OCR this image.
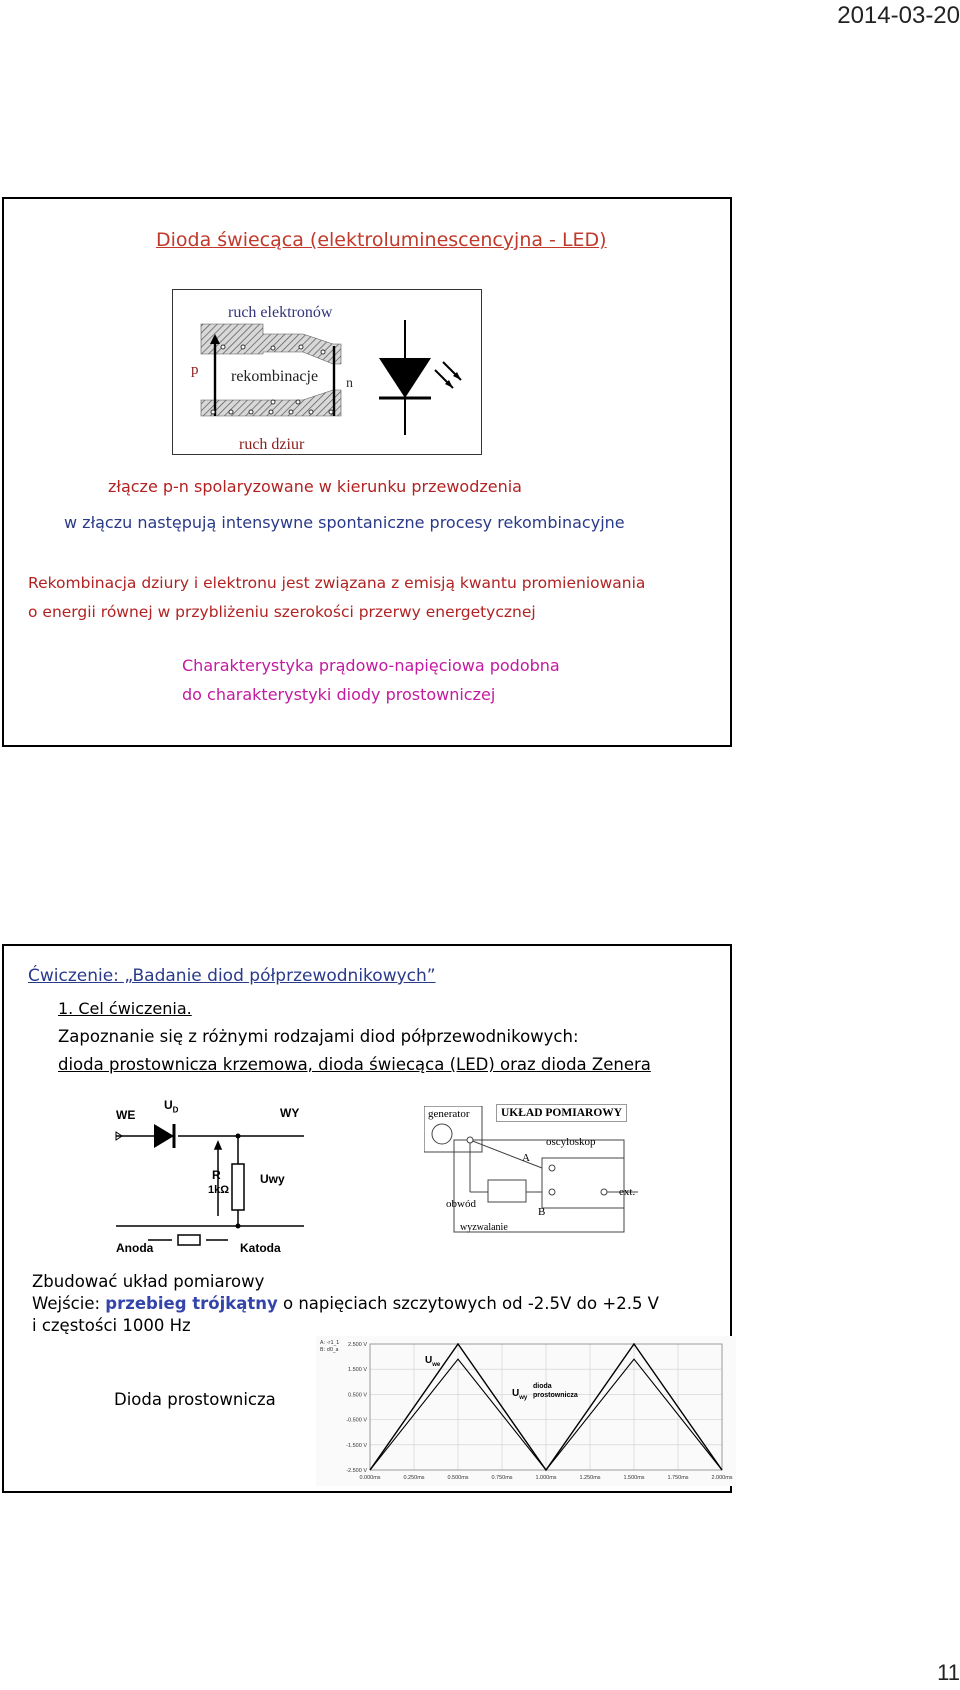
2014-03-20
Dioda świecąca (elektroluminescencyjna - LED)
ruch elektronów
p rekombinacje n
ruch dziur
złącze p-n spolaryzowane w kierunku przewodzenia
w złączu następują intensywne spontaniczne procesy rekombinacyjne
Rekombinacja dziury i elektronu jest związana z emisją kwantu promieniowania
o energii równej w przybliżeniu szerokości przerwy energetycznej
Charakterystyka prądowo-napięciowa podobna
do charakterystyki diody prostowniczej
Ćwiczenie: „Badanie diod półprzewodnikowych”
1. Cel ćwiczenia.
Zapoznanie się z różnymi rodzajami diod półprzewodnikowych:
dioda prostownicza krzemowa, dioda świecąca (LED) oraz dioda Zenera
WE
$U_D$	WY
R
1kΩ
Uwy
Anoda	Katoda
generator	UKŁAD POMIAROWY
oscyloskop
A
B
obwód
ext.
wyzwalanie
Zbudować układ pomiarowy
Wejście: przebieg trójkątny o napięciach szczytowych od -2.5V do +2.5 V
i częstości 1000 Hz
Dioda prostownicza
0.000ms	0.250ms	0.500ms	0.750ms	1.000ms	1.250ms	1.500ms	1.750ms	2.000ms
2.500 V
1.500 V
0.500 V
-0.500 V
-1.500 V
-2.500 V
A: -r1_1
B: d0_a
$U_{we}$
$U_{wy}$
dioda
prostownicza
11
